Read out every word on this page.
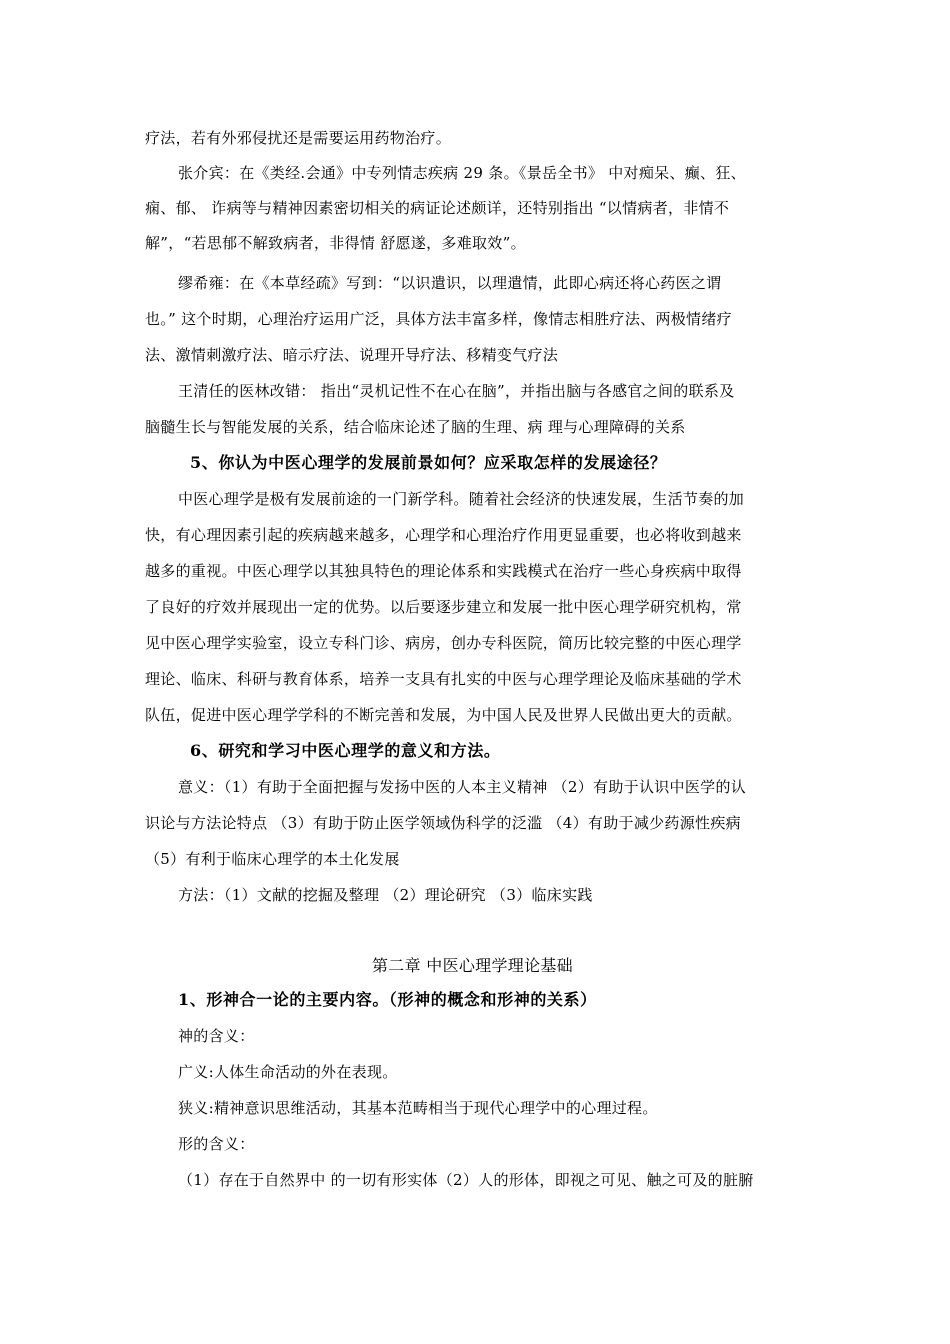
疗法，若有外邪侵扰还是需要运用药物治疗。

张介宾：在《类经.会通》中专列情志疾病 29 条。《景岳全书》 中对痴呆、癫、狂、

痫、郁、 诈病等与精神因素密切相关的病证论述颇详，还特别指出 “以情病者，非情不

解”，“若思郁不解致病者，非得情 舒愿遂，多难取效”。

缪希雍：在《本草经疏》写到：“以识遣识，以理遣情，此即心病还将心药医之谓

也。” 这个时期，心理治疗运用广泛，具体方法丰富多样，像情志相胜疗法、两极情绪疗

法、激情刺激疗法、暗示疗法、说理开导疗法、移精变气疗法

王清任的医林改错： 指出“灵机记性不在心在脑”，并指出脑与各感官之间的联系及

脑髓生长与智能发展的关系，结合临床论述了脑的生理、病 理与心理障碍的关系

5、你认为中医心理学的发展前景如何？应采取怎样的发展途径？

中医心理学是极有发展前途的一门新学科。随着社会经济的快速发展，生活节奏的加

快，有心理因素引起的疾病越来越多，心理学和心理治疗作用更显重要，也必将收到越来

越多的重视。中医心理学以其独具特色的理论体系和实践模式在治疗一些心身疾病中取得

了良好的疗效并展现出一定的优势。以后要逐步建立和发展一批中医心理学研究机构，常

见中医心理学实验室，设立专科门诊、病房，创办专科医院，简历比较完整的中医心理学

理论、临床、科研与教育体系，培养一支具有扎实的中医与心理学理论及临床基础的学术

队伍，促进中医心理学学科的不断完善和发展，为中国人民及世界人民做出更大的贡献。

6、研究和学习中医心理学的意义和方法。

意义：（1）有助于全面把握与发扬中医的人本主义精神 （2）有助于认识中医学的认

识论与方法论特点 （3）有助于防止医学领域伪科学的泛滥 （4）有助于减少药源性疾病

（5）有利于临床心理学的本土化发展

方法：（1）文献的挖掘及整理 （2）理论研究 （3）临床实践

第二章 中医心理学理论基础

1、形神合一论的主要内容。（形神的概念和形神的关系）

神的含义：

广义:人体生命活动的外在表现。

狭义:精神意识思维活动，其基本范畴相当于现代心理学中的心理过程。

形的含义：

（1）存在于自然界中 的一切有形实体（2）人的形体，即视之可见、触之可及的脏腑
